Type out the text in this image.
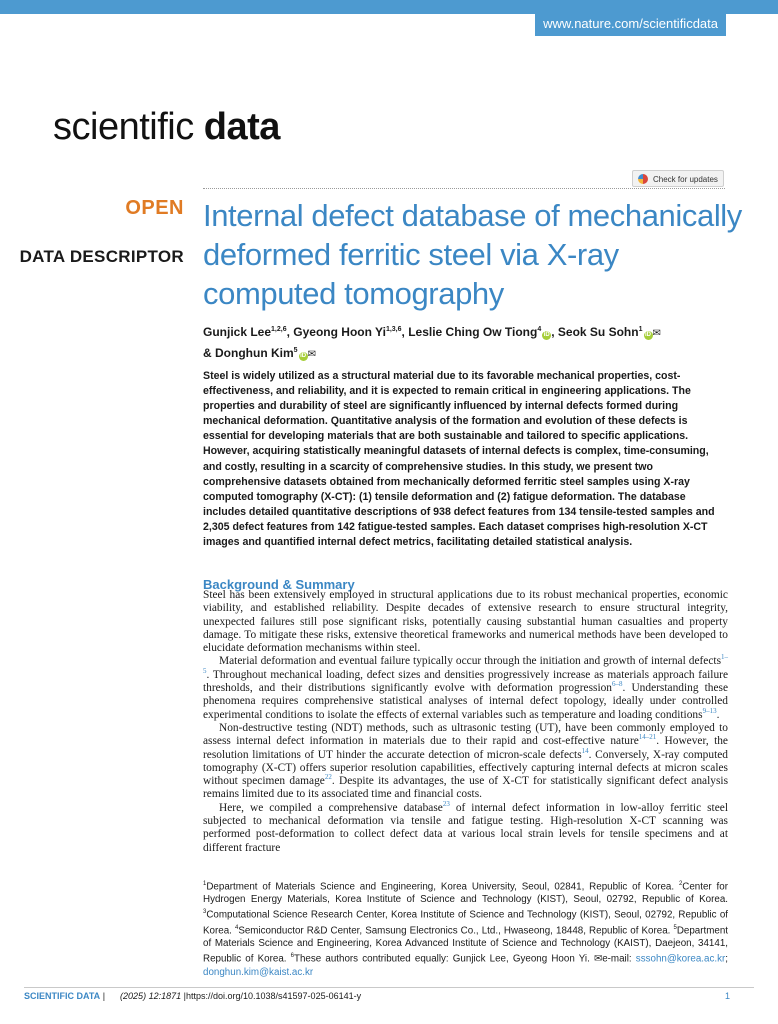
www.nature.com/scientificdata
scientific data
Check for updates
OPEN
DATA DESCRIPTOR
Internal defect database of mechanically deformed ferritic steel via X-ray computed tomography
Gunjick Lee$^{1,2,6}$, Gyeong Hoon Yi$^{1,3,6}$, Leslie Ching Ow Tiong$^4$iD , Seok Su Sohn$^1$iD ✉
& Donghun Kim$^5$iD ✉

Steel is widely utilized as a structural material due to its favorable mechanical properties, cost-effectiveness, and reliability, and it is expected to remain critical in engineering applications. The properties and durability of steel are significantly influenced by internal defects formed during mechanical deformation. Quantitative analysis of the formation and evolution of these defects is essential for developing materials that are both sustainable and tailored to specific applications. However, acquiring statistically meaningful datasets of internal defects is complex, time-consuming, and costly, resulting in a scarcity of comprehensive studies. In this study, we present two comprehensive datasets obtained from mechanically deformed ferritic steel samples using X-ray computed tomography (X-CT): (1) tensile deformation and (2) fatigue deformation. The database includes detailed quantitative descriptions of 938 defect features from 134 tensile-tested samples and 2,305 defect features from 142 fatigue-tested samples. Each dataset comprises high-resolution X-CT images and quantified internal defect metrics, facilitating detailed statistical analysis.

Background & Summary

Steel has been extensively employed in structural applications due to its robust mechanical properties, economic viability, and established reliability. Despite decades of extensive research to ensure structural integrity, unexpected failures still pose significant risks, potentially causing substantial human casualties and property damage. To mitigate these risks, extensive theoretical frameworks and numerical methods have been developed to elucidate deformation mechanisms within steel.

Material deformation and eventual failure typically occur through the initiation and growth of internal defects$^{1-5}$. Throughout mechanical loading, defect sizes and densities progressively increase as materials approach failure thresholds, and their distributions significantly evolve with deformation progression$^{6-8}$. Understanding these phenomena requires comprehensive statistical analyses of internal defect topology, ideally under controlled experimental conditions to isolate the effects of external variables such as temperature and loading conditions$^{9-13}$.

Non-destructive testing (NDT) methods, such as ultrasonic testing (UT), have been commonly employed to assess internal defect information in materials due to their rapid and cost-effective nature$^{14-21}$. However, the resolution limitations of UT hinder the accurate detection of micron-scale defects$^{14}$. Conversely, X-ray computed tomography (X-CT) offers superior resolution capabilities, effectively capturing internal defects at micron scales without specimen damage$^{22}$. Despite its advantages, the use of X-CT for statistically significant defect analysis remains limited due to its associated time and financial costs.

Here, we compiled a comprehensive database$^{23}$ of internal defect information in low-alloy ferritic steel subjected to mechanical deformation via tensile and fatigue testing. High-resolution X-CT scanning was performed post-deformation to collect defect data at various local strain levels for tensile specimens and at different fracture

$^1$Department of Materials Science and Engineering, Korea University, Seoul, 02841, Republic of Korea. $^2$Center for Hydrogen Energy Materials, Korea Institute of Science and Technology (KIST), Seoul, 02792, Republic of Korea. $^3$Computational Science Research Center, Korea Institute of Science and Technology (KIST), Seoul, 02792, Republic of Korea. $^4$Semiconductor R&D Center, Samsung Electronics Co., Ltd., Hwaseong, 18448, Republic of Korea. $^5$Department of Materials Science and Engineering, Korea Advanced Institute of Science and Technology (KAIST), Daejeon, 34141, Republic of Korea. $^6$These authors contributed equally: Gunjick Lee, Gyeong Hoon Yi. ✉e-mail: sssohn@korea.ac.kr; donghun.kim@kaist.ac.kr
SCIENTIFIC DATA | (2025) 12:1871 |https://doi.org/10.1038/s41597-025-06141-y	1
